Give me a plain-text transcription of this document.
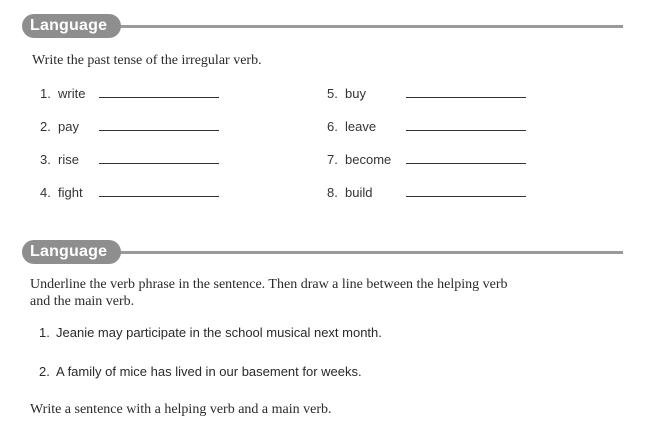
Language
Write the past tense of the irregular verb.
1. write
2. pay
3. rise
4. fight
5. buy
6. leave
7. become
8. build
Language
Underline the verb phrase in the sentence. Then draw a line between the helping verb
and the main verb.
1. Jeanie may participate in the school musical next month.
2. A family of mice has lived in our basement for weeks.
Write a sentence with a helping verb and a main verb.
